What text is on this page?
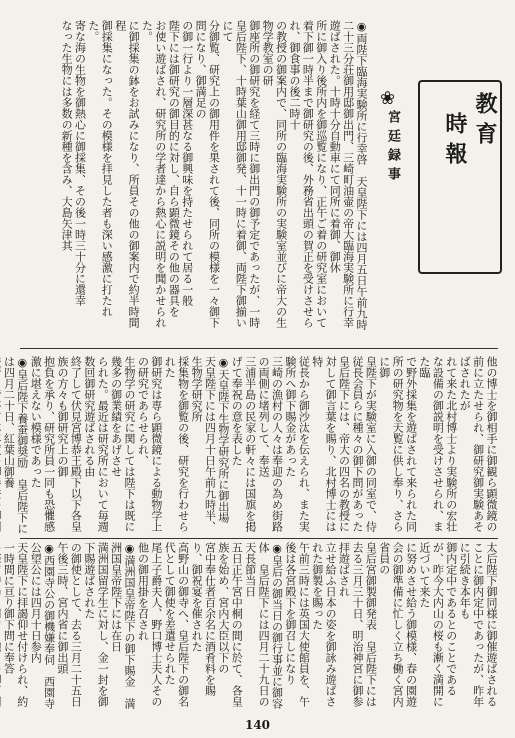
教育
時報
❀
宮廷録事
140
◉両陛下臨海実験所に行幸啓　天皇陛下には四月五日午前九時二十三分荘御用邸御出門、三崎町油壷の帝大臨海実験所に行幸遊ばされた。十時十分自動車にて同所に着御、御休
所に御入り後所内を御巡覧になり、正午ご着の研究室において
着下御一時半まで御研究の後、外務省出頭の賀正を受けさせられ、御食事の後二時十
の教授の御案内で、同所の臨海実験所の実験室並びに帝大の生物学教室の研
御座所の御研究を経て三時に御出門の御予定であったが、一時
皇后陛下、十時葉山御用邸御発、十一時に着御、両陛下御揃いにて
分御覧、研究上の御用件を果されて後、同所の模様を一々御下問になり、御満足の
の御一行より一層深甚なる御興味を持たせられて居る一般
陛下には御研究の御目的に対し、自ら顕微鏡その他の器具を
お使い遊ばされ、研究所の学者達から熱心に説明を聞かせられた。
に御採集の鉢をお試みになり、所員その他の御案内で約半時間程
御採集になった。その模様を拝見した者も深い感激に打たれた。
寄な海の生物を御熱心に御採集、その後一時三十分に還幸
なった生物には多数の新種を含み、大島矢津其
他の博士を御相手に御観ら顕微鏡の前に立たせられ、御研究御実験あそばされたが
れて来た北村博士より実験所の宏壮な設備の御説明を受けさせられ、また臨
で野外採集を遊ばされて来られた同所の研究物を天覧に供し奉り、さらに御
皇陛下が実験室に入御の同室で、侍従長会員らに種々の御下問があった
皇后陛下には、帝大の四名の教授に対して御言葉を賜り、北村博士には特
従長から御沙汰を伝えられ、また実験所へ御下賜金があった
三崎の漁村の人々は奉迎の為め街路の両側に堵列して、奉送
三浦半島の民家の軒々には国旗を掲げて奉祝の意を表した
◉天皇陛下生物学研究所に御出場　天皇陛下には四月十日午前九時半、生物学研究所
採集物を御覧の後、研究を行わせられた
御研究は専ら顕微鏡による動物学上の研究であらせられ、
生物学の研究に関しては陛下は既に幾多の御業績をあげさせ
られた。最近は研究所において毎週数回御研究遊ばされる由
終了して伏見宮博恭王殿下以下各皇族の方々も御研究上の御
抱負を承り、研究所員一同も恐懼感激に堪えない模様であった
◉皇后陛下養蚕御奨励　皇后陛下には四月二十日、紅葉山御養
太后陛下御同様に御催遊ばされることに御内定中であったが、昨年に引続き本年も
御内定中であるとのことであるが、昨今大内山の桜も漸く満開に近づいて来た
に努めさせ給う御模様、春の園遊会の御準備に忙しく立ち働く宮内省員の
皇后宮御製御発表　皇后陛下には去る三月三十日、明治神宮に御参拝遊ばされ
立せ給ふ日本の姿を御詠み遊ばされた御製を賜った
午前三時には英国大使館員を、午後は各宮殿下を御召しになり
◉皇后の御当日の御行事並に御容体　皇后陛下には四月二十九日の天長節当日
五日正午宮中桐の間に於て、各皇族を始め、宮内大臣以下の
宮中奉仕者百余名に酒肴料を賜り、御祝宴を催された
高野山の御寺へ、皇后陛下の御名代として御使を差遣せられた
尾上子爵夫人、野口博士夫人その他の御用掛を召され
◉満洲国皇帝陛下の御下賜金　満洲国皇帝陛下には在日
満洲国留学生に対し、金一封を御下賜遊ばされた
の御使として、去る三月二十五日午後三時、宮内省に御出頭
◉西園寺公の御機嫌奉伺　西園寺公望公には四月十日参内
天皇陛下に拝謁仰せ付けられ、約一時間に亘り御下問に奉答
